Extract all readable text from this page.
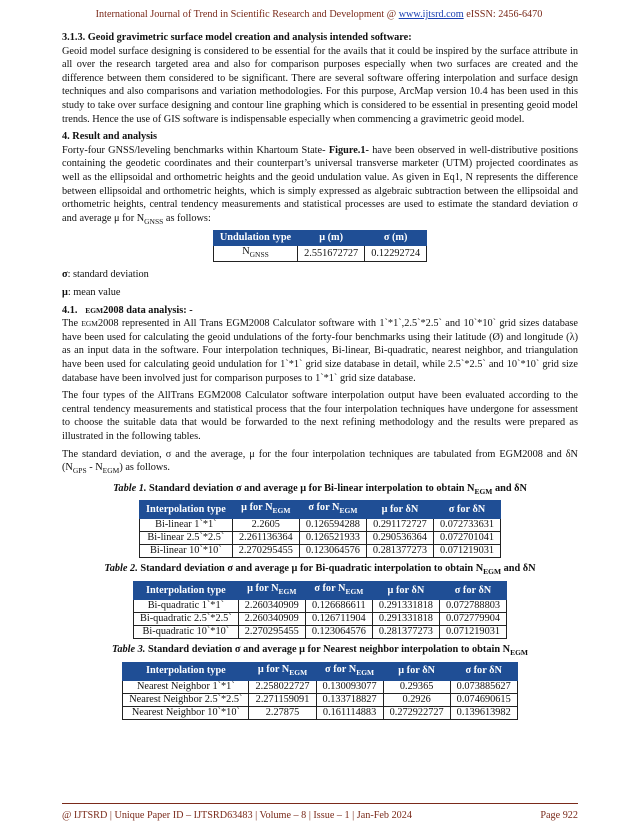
International Journal of Trend in Scientific Research and Development @ www.ijtsrd.com eISSN: 2456-6470

3.1.3. Geoid gravimetric surface model creation and analysis intended software:

Geoid model surface designing is considered to be essential for the avails that it could be inspired by the surface attribute in all over the research targeted area and also for comparison purposes especially when two surfaces are created and the difference between them considered to be significant. There are several software offering interpolation and surface design techniques and also comparisons and variation methodologies. For this purpose, ArcMap version 10.4 has been used in this study to take over surface designing and contour line graphing which is considered to be essential in presenting geoid model trends. Hence the use of GIS software is indispensable especially when commencing a gravimetric geoid model.

4. Result and analysis

Forty-four GNSS/leveling benchmarks within Khartoum State- Figure.1- have been observed in well-distributive positions containing the geodetic coordinates and their counterpart’s universal transverse marketer (UTM) projected coordinates as well as the ellipsoidal and orthometric heights and the geoid undulation value. As given in Eq1, N represents the difference between ellipsoidal and orthometric heights, which is simply expressed as algebraic subtraction between the ellipsoidal and orthometric heights, central tendency measurements and statistical processes are used to estimate the standard deviation σ and average μ for $N_{GNSS}$ as follows:

Undulation type	μ (m)	σ (m)
$N_{GNSS}$	2.551672727	0.12292724

σ: standard deviation

μ: mean value

4.1. EGM2008 data analysis: -

The EGM2008 represented in All Trans EGM2008 Calculator software with 1`*1`,2.5`*2.5` and 10`*10` grid sizes database have been used for calculating the geoid undulations of the forty-four benchmarks using their latitude (Ø) and longitude (λ) as an input data in the software. Four interpolation techniques, Bi-linear, Bi-quadratic, nearest neighbor, and triangulation have been used for calculating geoid undulation for 1`*1` grid size database in detail, while 2.5`*2.5` and 10`*10` grid size database have been involved just for comparison purposes to 1`*1` grid size database.

The four types of the AllTrans EGM2008 Calculator software interpolation output have been evaluated according to the central tendency measurements and statistical process that the four interpolation techniques have undergone for assessment to choose the suitable data that would be forwarded to the next refining methodology and the results were prepared as illustrated in the following tables.

The standard deviation, σ and the average, μ for the four interpolation techniques are tabulated from EGM2008 and δN $(N_{GPS} - N_{EGM})$ as follows.

Table 1. Standard deviation σ and average μ for Bi-linear interpolation to obtain $N_{EGM}$ and δN

Interpolation type	μ for $N_{EGM}$	σ for $N_{EGM}$	μ for δN	σ for δN
Bi-linear 1`*1`	2.2605	0.126594288	0.291172727	0.072733631
Bi-linear 2.5`*2.5`	2.261136364	0.126521933	0.290536364	0.072701041
Bi-linear 10`*10`	2.270295455	0.123064576	0.281377273	0.071219031

Table 2. Standard deviation σ and average μ for Bi-quadratic interpolation to obtain $N_{EGM}$ and δN

Interpolation type	μ for $N_{EGM}$	σ for $N_{EGM}$	μ for δN	σ for δN
Bi-quadratic 1`*1`	2.260340909	0.126686611	0.291331818	0.072788803
Bi-quadratic 2.5`*2.5`	2.260340909	0.126711904	0.291331818	0.072779904
Bi-quadratic 10`*10`	2.270295455	0.123064576	0.281377273	0.071219031

Table 3. Standard deviation σ and average μ for Nearest neighbor interpolation to obtain $N_{EGM}$

Interpolation type	μ for $N_{EGM}$	σ for $N_{EGM}$	μ for δN	σ for δN
Nearest Neighbor 1`*1`	2.258022727	0.130093077	0.29365	0.073885627
Nearest Neighbor 2.5`*2.5`	2.271159091	0.133718827	0.2926	0.074690615
Nearest Neighbor 10`*10`	2.27875	0.161114883	0.272922727	0.139613982
@ IJTSRD | Unique Paper ID – IJTSRD63483 | Volume – 8 | Issue – 1 | Jan-Feb 2024	Page 922
